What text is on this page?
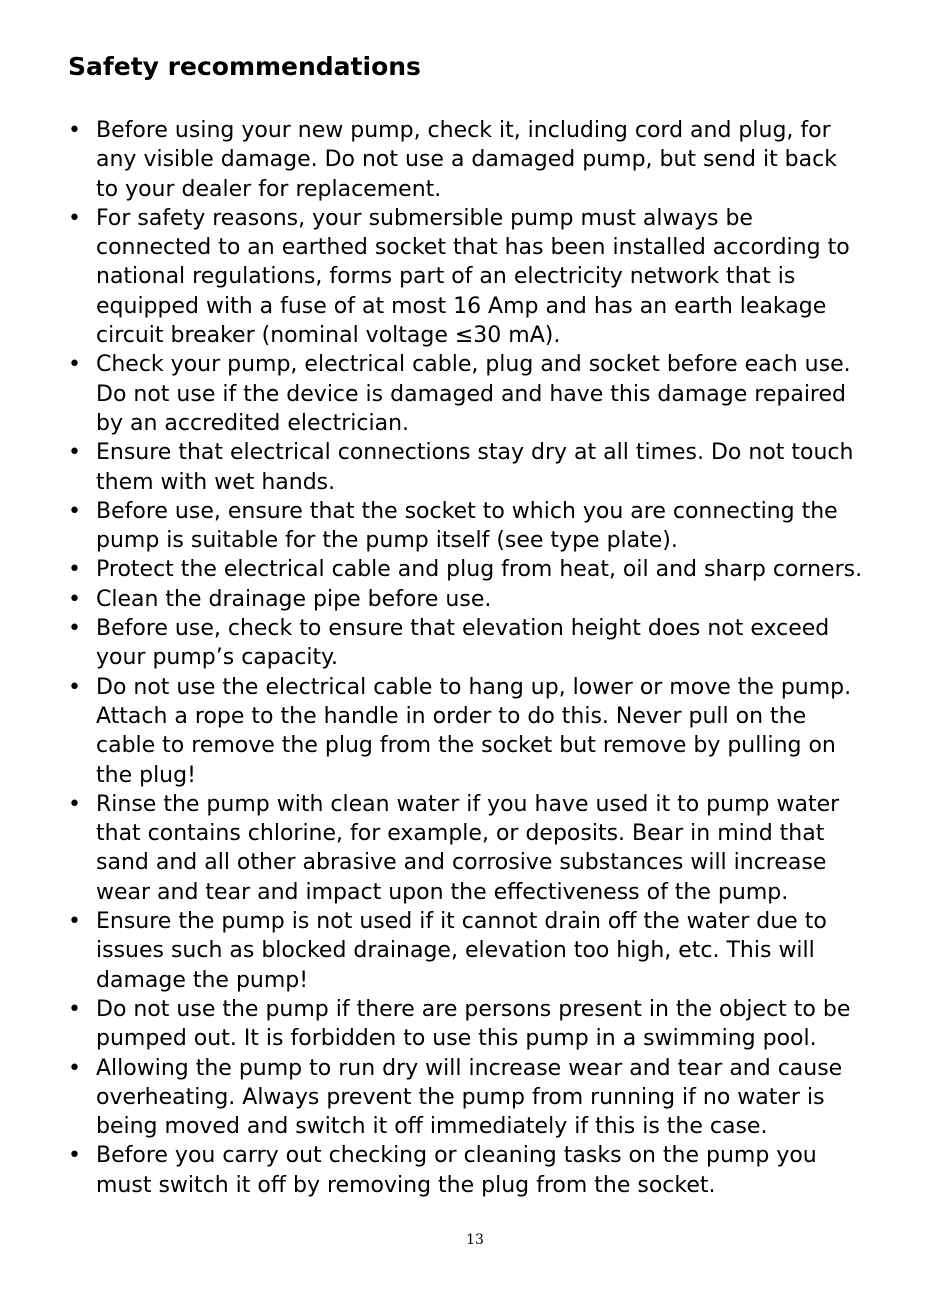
Safety recommendations
•
Before using your new pump, check it, including cord and plug, for
any visible damage. Do not use a damaged pump, but send it back
to your dealer for replacement.
•
For safety reasons, your submersible pump must always be
connected to an earthed socket that has been installed according to
national regulations, forms part of an electricity network that is
equipped with a fuse of at most 16 Amp and has an earth leakage
circuit breaker (nominal voltage ≤30 mA).
•
Check your pump, electrical cable, plug and socket before each use.
Do not use if the device is damaged and have this damage repaired
by an accredited electrician.
•
Ensure that electrical connections stay dry at all times. Do not touch
them with wet hands.
•
Before use, ensure that the socket to which you are connecting the
pump is suitable for the pump itself (see type plate).
•
Protect the electrical cable and plug from heat, oil and sharp corners.
•
Clean the drainage pipe before use.
•
Before use, check to ensure that elevation height does not exceed
your pump’s capacity.
•
Do not use the electrical cable to hang up, lower or move the pump.
Attach a rope to the handle in order to do this. Never pull on the
cable to remove the plug from the socket but remove by pulling on
the plug!
•
Rinse the pump with clean water if you have used it to pump water
that contains chlorine, for example, or deposits. Bear in mind that
sand and all other abrasive and corrosive substances will increase
wear and tear and impact upon the effectiveness of the pump.
•
Ensure the pump is not used if it cannot drain off the water due to
issues such as blocked drainage, elevation too high, etc. This will
damage the pump!
•
Do not use the pump if there are persons present in the object to be
pumped out. It is forbidden to use this pump in a swimming pool.
•
Allowing the pump to run dry will increase wear and tear and cause
overheating. Always prevent the pump from running if no water is
being moved and switch it off immediately if this is the case.
•
Before you carry out checking or cleaning tasks on the pump you
must switch it off by removing the plug from the socket.
13
